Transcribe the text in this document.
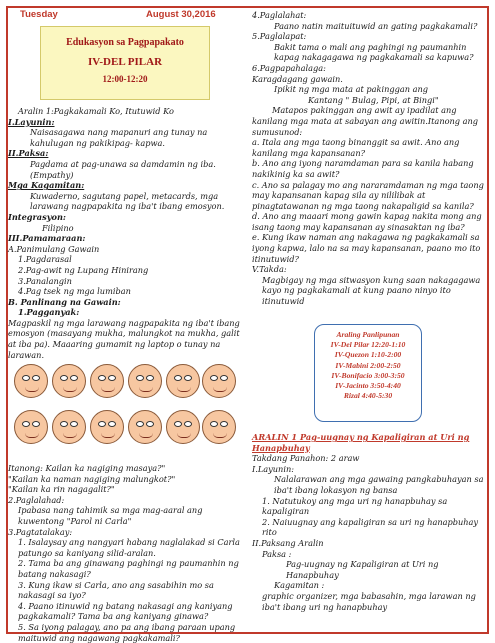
Tuesday	August 30,2016

Edukasyon sa Pagpapakato

IV-DEL PILAR

12:00-12:20

Aralin 1:Pagkakamali Ko, Itutuwid Ko

I.Layunin:

Naisasagawa nang mapanuri ang tunay na kahulugan ng pakikipag- kapwa.

II.Paksa:

Pagdama at pag-unawa sa damdamin ng iba.(Empathy)

Mga Kagamitan:

Kuwaderno, sagutang papel, metacards, mga larawang nagpapakita ng iba't ibang emosyon.

Integrasyon:

Filipino

III.Pamamaraan:

A.Panimulang Gawain

1.Pagdarasal

2.Pag-awit ng Lupang Hinirang

3.Panalangin

4.Pag tsek ng mga lumiban

B. Panlinang na Gawain:

1.Pagganyak:

Magpaskil ng mga larawang nagpapakita ng iba't ibang emosyon (masayang mukha, malungkot na mukha, galit at iba pa). Maaaring gumamit ng laptop o tunay na larawan.

Itanong: Kailan ka nagiging masaya?"

"Kailan ka naman nagiging malungkot?"

"Kailan ka rin nagagalit?"

2.Paglalahad:

Ipabasa nang tahimik sa mga mag-aaral ang kuwentong "Parol ni Carla"

3.Pagtatalakay:

1. Isalaysay ang nangyari habang naglalakad si Carla patungo sa kaniyang silid-aralan.

2. Tama ba ang ginawang paghingi ng paumanhin ng batang nakasagi?

3. Kung ikaw si Carla, ano ang sasabihin mo sa nakasagi sa iyo?

4. Paano itinuwid ng batang nakasagi ang kaniyang pagkakamali? Tama ba ang kaniyang ginawa?

5. Sa iyong palagay, ano pa ang ibang paraan upang maituwid ang nagawang pagkakamali?

4.Paglalahat:

Paano natin maituituwid an gating pagkakamali?

5.Paglalapat:

Bakit tama o mali ang paghingi ng paumanhin kapag nakagagawa ng pagkakamali sa kapuwa?

6.Pagpapahalaga:

Karagdagang gawain.

Ipikit ng mga mata at pakinggan ang

Kantang " Bulag, Pipi, at Bingi"

Matapos pakinggan ang awit ay ipadilat ang kanilang mga mata at sabayan ang awitin.Itanong ang sumusunod:

a. Itala ang mga taong binanggit sa awit. Ano ang kanilang mga kapansanan?

b. Ano ang iyong naramdaman para sa kanila habang nakikinig ka sa awit?

c. Ano sa palagay mo ang nararamdaman ng mga taong may kapansanan kapag sila ay nililibak at pinagtatawanan ng mga taong nakapaligid sa kanila?

d. Ano ang maaari mong gawin kapag nakita mong ang isang taong may kapansanan ay sinasaktan ng iba?

e. Kung ikaw naman ang nakagawa ng pagkakamali sa iyong kapwa, lalo na sa may kapansanan, paano mo ito itinutuwid?

V.Takda:

Magbigay ng mga sitwasyon kung saan nakagagawa kayo ng pagkakamali at kung paano ninyo ito itinutuwid

Araling Panlipunan

IV-Del Pilar 12:20-1:10

IV-Quezon 1:10-2:00

IV-Mabini 2:00-2:50

IV-Bonifacio 3:00-3:50

IV-Jacinto 3:50-4:40

Rizal 4:40-5:30

ARALIN 1 Pag-uugnay ng Kapaligiran at Uri ng Hanapbuhay

Takdang Panahon: 2 araw

I.Layunin:

Nalalarawan ang mga gawaing pangkabuhayan sa iba't ibang lokasyon ng bansa

1. Natutukoy ang mga uri ng hanapbuhay sa kapaligiran

2. Naiuugnay ang kapaligiran sa uri ng hanapbuhay rito

II.Paksang Aralin

Paksa :

Pag-uugnay ng Kapaligiran at Uri ng Hanapbuhay

Kagamitan :

graphic organizer, mga babasahin, mga larawan ng iba't ibang uri ng hanapbuhay
